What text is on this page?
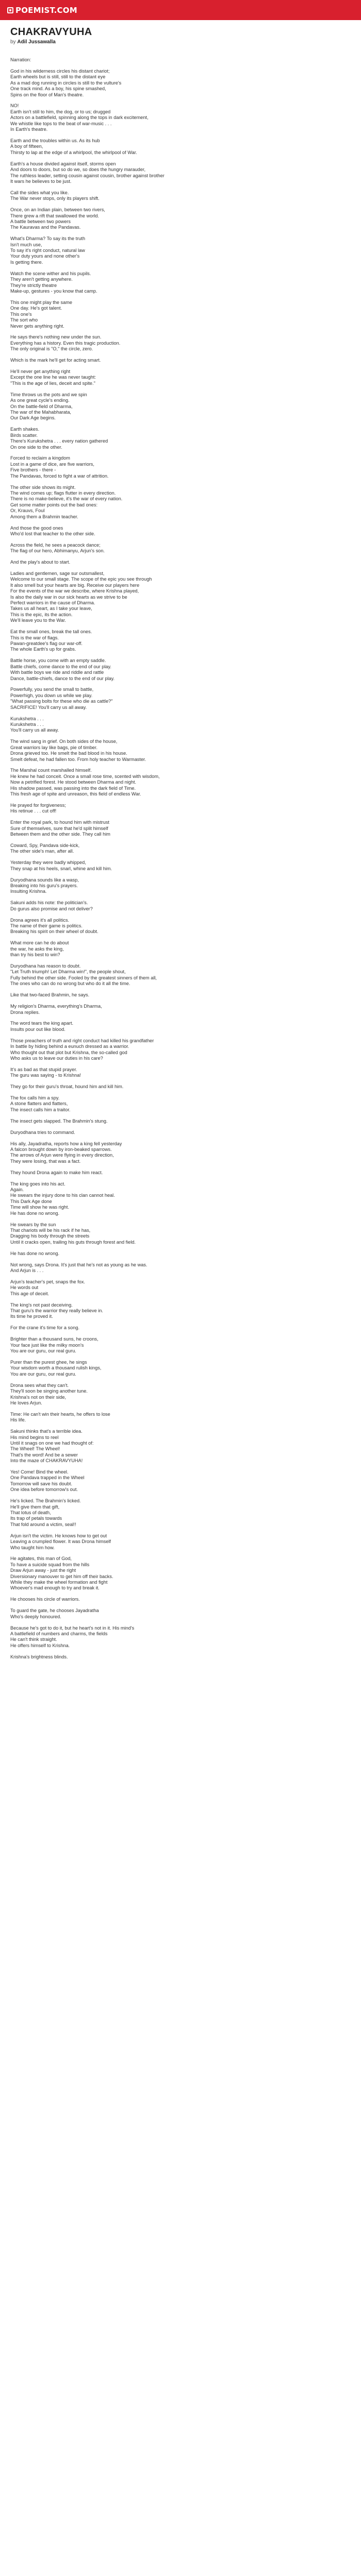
POEMIST.COM
CHAKRAVYUHA
by Adil Jussawalla

Narration:

God in his wilderness circles his distant chariot;
Earth wheels but is still, still to the distant eye
As a mad dog running in circles is still to the vulture's
One track mind. As a boy, his spine smashed,
Spins on the floor of Man's theatre.

NO!
Earth isn't still to him, the dog, or to us; drugged
Actors on a battlefield, spinning along the tops in dark excitement,
We whistle like tops to the beat of war-music . . .
In Earth's theatre.

Earth and the troubles within us. As its hub
A boy of fifteen,
Thirsty to lap at the edge of a whirlpool, the whirlpool of War.

Earth's a house divided against itself, storms open
And doors to doors, but so do we, so does the hungry marauder,
The ruthless leader, setting cousin against cousin, brother against brother
It wars he believes to be just.

Call the sides what you like.
The War never stops, only its players shift.

Once, on an Indian plain, between two rivers,
There grew a rift that swallowed the world.
A battle between two powers
The Kauravas and the Pandavas.

What's Dharma? To say its the truth
Isn't much use,
To say it's right conduct, natural law
Your duty yours and none other's
Is getting there.

Watch the scene wither and his pupils.
They aren't getting anywhere.
They're strictly theatre
Make-up, gestures - you know that camp.

This one might play the same
One day. He's got talent.
This one's
The sort who
Never gets anything right.

He says there's nothing new under the sun.
Everything has a history. Even this tragic production.
The only original is "O," the circle, zero.

Which is the mark he'll get for acting smart.

He'll never get anything right
Except the one line he was never taught:
"This is the age of lies, deceit and spite."

Time throws us the pots and we spin
As one great cycle's ending.
On the battle-field of Dharma,
The war of the Mahabharata,
Our Dark Age begins.

Earth shakes.
Birds scatter.
There's Kurukshetra . . . every nation gathered
On one side to the other.

Forced to reclaim a kingdom
Lost in a game of dice, are five warriors,
Five brothers - there -
The Pandavas, forced to fight a war of attrition.

The other side shows its might.
The wind comes up; flags flutter in every direction.
There is no make-believe, it's the war of every nation.
Get some matter points out the bad ones:
Or, Krauvs, Foul
Among them a Brahmin teacher.

And those the good ones
Who'd lost that teacher to the other side.

Across the field, he sees a peacock dance;
The flag of our hero, Abhimanyu, Arjun's son.

And the play's about to start.

Ladies and gentlemen, sage sur outsmallest,
Welcome to our small stage. The scope of the epic you see through
It also smell but your hearts are big. Receive our players here
For the events of the war we describe, where Krishna played,
Is also the daily war in our sick hearts as we strive to be
Perfect warriors in the cause of Dharma.
Takes us all heart, as I take your leave,
This is the epic, its the action.
We'll leave you to the War.

Eat the small ones, break the tall ones.
This is the war of flags.
Pawan-greatdee's flag our war-off.
The whole Earth's up for grabs.

Battle horse, you come with an empty saddle.
Battle chiefs, come dance to the end of our play.
With battle boys we ride and riddle and rattle
Dance, battle-chiefs, dance to the end of our play.

Powerfully, you send the small to battle,
Powerhigh, you down us while we play.
"What passing bolts for these who die as cattle?"
SACRIFICE! You'll carry us all away.

Kurukshetra . . .
Kurukshetra . . .
You'll carry us all away.

The wind sang in grief. On both sides of the house,
Great warriors lay like bags, pie of timber.
Drona grieved too. He smelt the bad blood in his house.
Smelt defeat, he had fallen too. From holy teacher to Warmaster.

The Marshal count marshalled himself.
He knew he had conceit. Once a small rose time, scented with wisdom,
Now a petrified forest. He stood between Dharma and night.
His shadow passed, was passing into the dark field of Time.
This fresh age of spite and unreason, this field of endless War.

He prayed for forgiveness;
His retinue . . . cut off!

Enter the royal park, to hound him with mistrust
Sure of themselves, sure that he'd split himself
Between them and the other side. They call him

Coward, Spy, Pandava side-kick,
The other side's man, after all.

Yesterday they were badly whipped,
They snap at his heels, snarl, whine and kill him.

Duryodhana sounds like a wasp,
Breaking into his guru's prayers.
Insulting Krishna.

Sakuni adds his note: the politician's.
Do gurus also promise and not deliver?

Drona agrees it's all politics.
The name of their game is politics.
Breaking his spirit on their wheel of doubt.

What more can he do about
the war, he asks the king,
than try his best to win?

Duryodhana has reason to doubt.
"Let Truth triumph! Let Dharma win!", the people shout,
Fully behind the other side. Fooled by the greatest sinners of them all,
The ones who can do no wrong but who do it all the time.

Like that two-faced Brahmin, he says.

My religion's Dharma, everything's Dharma,
Drona replies.

The word tears the king apart.
Insults pour out like blood.

Those preachers of truth and right conduct had killed his grandfather
In battle by hiding behind a eunuch dressed as a warrior.
Who thought out that plot but Krishna, the so-called god
Who asks us to leave our duties in his care?

It's as bad as that stupid prayer.
The guru was saying - to Krishna!

They go for their guru's throat, hound him and kill him.

The fox calls him a spy.
A stone flatters and flatters,
The insect calls him a traitor.

The insect gets slapped. The Brahmin's stung.

Duryodhana tries to command.

His ally, Jayadratha, reports how a king fell yesterday
A falcon brought down by iron-beaked sparrows.
The arrows of Arjun were flying in every direction,
They were losing, that was a fact.

They hound Drona again to make him react.

The king goes into his act.
Again.
He swears the injury done to his clan cannot heal.
This Dark Age done
Time will show he was right.
He has done no wrong.

He swears by the sun
That chariots will be his rack if he has,
Dragging his body through the streets
Until it cracks open, trailing his guts through forest and field.

He has done no wrong.

Not wrong, says Drona. It's just that he's not as young as he was.
And Arjun is . . .

Arjun's teacher's pet, snaps the fox.
He words out
This age of deceit.

The king's not past deceiving.
That guru's the warrior they really believe in.
Its time he proved it.

For the crane it's time for a song.

Brighter than a thousand suns, he croons,
Your face just like the milky moon's
You are our guru, our real guru.

Purer than the purest ghee, he sings
Your wisdom worth a thousand rulish kings,
You are our guru, our real guru.

Drona sees what they can't.
They'll soon be singing another tune.
Krishna's not on their side,
He loves Arjun.

Time: He can't win their hearts, he offers to lose
His life.

Sakuni thinks that's a terrible idea.
His mind begins to reel
Until it snags on one we had thought of:
The Wheel! The Wheel!
That's the word! And be a sewer
Into the maze of CHAKRAVYUHA!

Yes! Come! Bind the wheel.
One Pandava trapped in the Wheel
Tomorrow will save his doubt.
One idea before tomorrow's out.

He's licked. The Brahmin's licked.
He'll give them that gift,
That lotus of death,
Its trap of petals towards
That fold around a victim, seal!!

Arjun isn't the victim. He knows how to get out
Leaving a crumpled flower. It was Drona himself
Who taught him how.

He agitates, this man of God,
To have a suicide squad from the hills
Draw Arjun away - just the right
Diversionary manouver to get him off their backs.
While they make the wheel formation and fight
Whoever's mad enough to try and break it.

He chooses his circle of warriors.

To guard the gate, he chooses Jayadratha
Who's deeply honoured.

Because he's got to do it, but he heart's not in it. His mind's
A battlefield of numbers and charms, the fields
He can't think straight.
He offers himself to Krishna.

Krishna's brightness blinds.
